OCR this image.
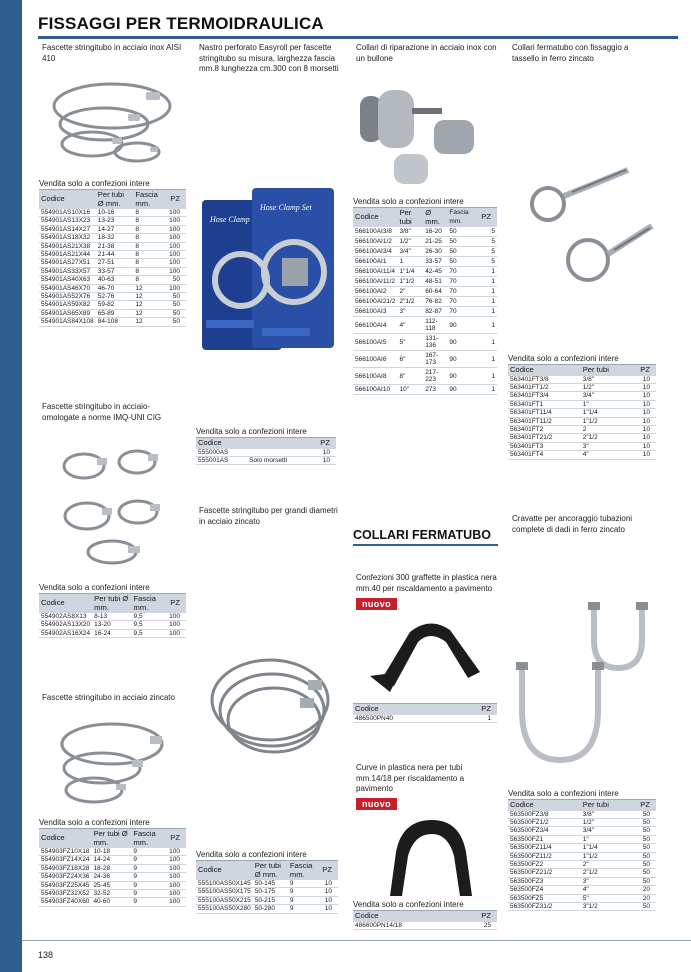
FISSAGGI PER TERMOIDRAULICA
Fascette stringitubo in acciaio inox AISI 410
Vendita solo a confezioni intere
Codice	Per tubi Ø mm.	Fascia mm.	PZ
554901AS10X16	10-16	8	100
554901AS13X23	13-23	8	100
554901AS14X27	14-27	8	100
554901AS18X32	18-32	8	100
554901AS21X38	21-38	8	100
554901AS21X44	21-44	8	100
554901AS27X51	27-51	8	100
554901AS33X57	33-57	8	100
554901AS40X63	40-63	8	50
554901AS46X70	46-70	12	100
554901AS52X76	52-76	12	50
554901AS59X82	59-82	12	50
554901AS65X89	65-89	12	50
554901AS84X108	84-108	12	50
Fascette stringitubo in acciaio-omologate a norme IMQ-UNI CIG
Vendita solo a confezioni intere
Codice	Per tubi Ø mm.	Fascia mm.	PZ
554902AS8X13	8-13	9,5	100
554902AS13X20	13-20	9,5	100
554902AS16X24	16-24	9,5	100
Fascette stringitubo in acciaio zincato
Vendita solo a confezioni intere
Codice	Per tubi Ø mm.	Fascia mm.	PZ
554903FZ10X18	10-18	9	100
554903FZ14X24	14-24	9	100
554903FZ18X28	18-28	9	100
554903FZ24X36	24-36	9	100
554903FZ25X45	25-45	9	100
554903FZ32X52	32-52	9	100
554903FZ40X60	40-60	9	100
Nastro perforato Easyroll per fascette stringitubo su misura, larghezza fascia mm.8 lunghezza cm.300 con 8 morsetti
Hose Clamp
Hose Clamp Set
Vendita solo a confezioni intere
Codice		PZ
555000AS		10
555001AS	Solo morsetti	10
Fascette stringitubo per grandi diametri in acciaio zincato
Vendita solo a confezioni intere
Codice	Per tubi Ø mm.	Fascia mm.	PZ
555100AS50X145	50-145	9	10
555100AS50X175	50-175	9	10
555100AS50X215	50-215	9	10
555100AS50X280	50-280	9	10
Collari di riparazione in acciaio inox con un bullone
Vendita solo a confezioni intere
Codice	Per tubi	Ø mm.	Fascia mm.	PZ
566100AI3/8	3/8"	16-20	50	5
566100AI1/2	1/2"	21-25	50	5
566100AI3/4	3/4"	26-30	50	5
566100AI1	1	33-57	50	5
566100AI11/4	1"1/4	42-45	70	1
566100AI11/2	1"1/2	48-51	70	1
566100AI2	2"	60-64	70	1
566100AI21/2	2"1/2	76-82	70	1
566100AI3	3"	82-87	70	1
566100AI4	4"	112-118	90	1
566100AI5	5"	131-136	90	1
566100AI6	6"	167-173	90	1
566100AI8	8"	217-223	90	1
566100AI10	10"	273	90	1
COLLARI FERMATUBO
Confezioni 300 graffette in plastica nera mm.40 per riscaldamento a pavimento
nuovo
Codice	PZ
486500PN40	1
Curve in plastica nera per tubi mm.14/18 per riscaldamento a pavimento
nuovo
Vendita solo a confezioni intere
Codice	PZ
486600PN14/18	25
Collari fermatubo con fissaggio a tassello in ferro zincato
Vendita solo a confezioni intere
Codice	Per tubi	PZ
563401FT3/8	3/8"	10
563401FT1/2	1/2"	10
563401FT3/4	3/4"	10
563401FT1	1"	10
563401FT11/4	1"1/4	10
563401FT11/2	1"1/2	10
563401FT2	2	10
563401FT21/2	2"1/2	10
563401FT3	3"	10
563401FT4	4"	10
Cravatte per ancoraggio tubazioni complete di dadi in ferro zincato
Vendita solo a confezioni intere
Codice	Per tubi	PZ
563500FZ3/8	3/8"	50
563500FZ1/2	1/2"	50
563500FZ3/4	3/4"	50
563500FZ1	1"	50
563500FZ11/4	1"1/4	50
563500FZ11/2	1"1/2	50
563500FZ2	2"	50
563500FZ21/2	2"1/2	50
563500FZ3	3"	50
563500FZ4	4"	20
563500FZ5	5"	20
563500FZ31/2	3"1/2	50
138
